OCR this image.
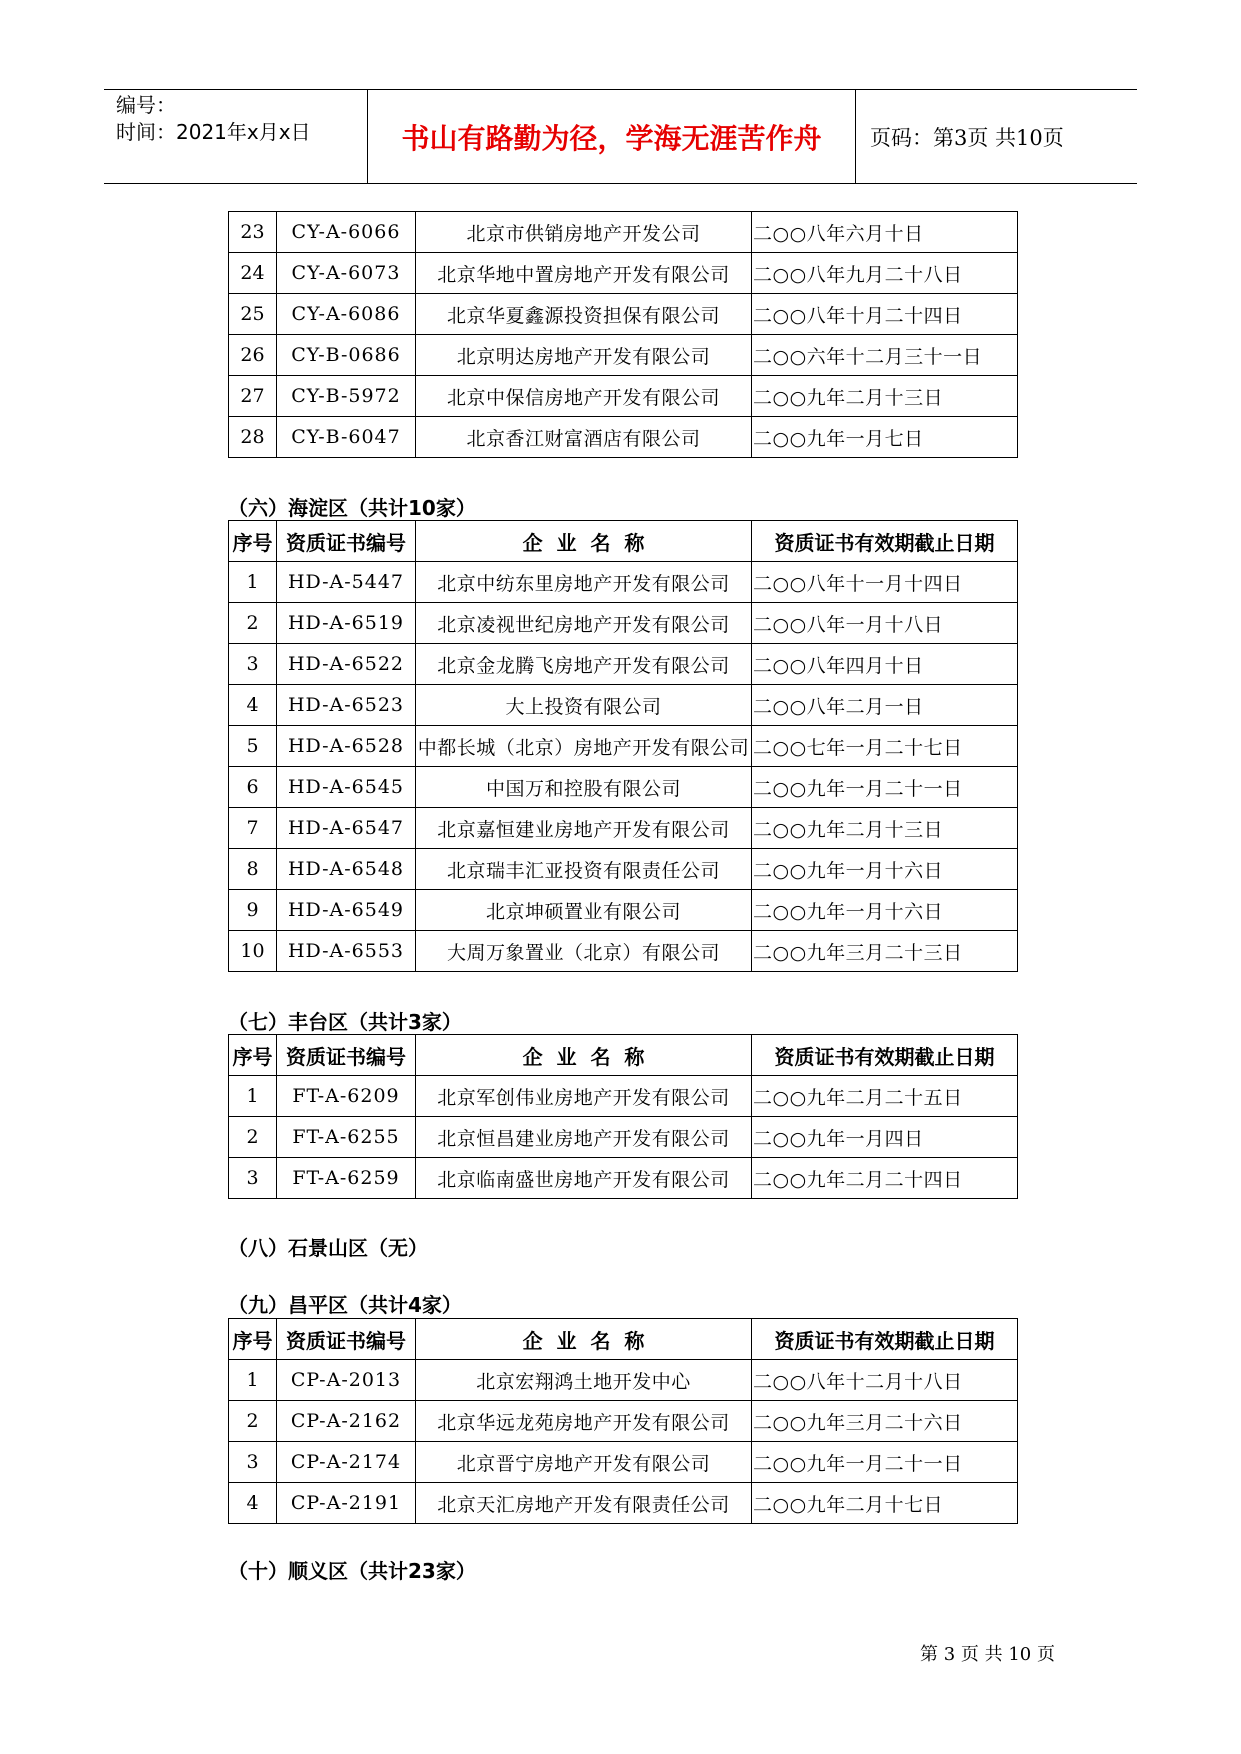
编号：
时间：2021年x月x日	书山有路勤为径，学海无涯苦作舟	页码：第3页 共10页
23	CY-A-6066	北京市供销房地产开发公司	二○○八年六月十日
24	CY-A-6073	北京华地中置房地产开发有限公司	二○○八年九月二十八日
25	CY-A-6086	北京华夏鑫源投资担保有限公司	二○○八年十月二十四日
26	CY-B-0686	北京明达房地产开发有限公司	二○○六年十二月三十一日
27	CY-B-5972	北京中保信房地产开发有限公司	二○○九年二月十三日
28	CY-B-6047	北京香江财富酒店有限公司	二○○九年一月七日
（六）海淀区（共计10家）
序号	资质证书编号	企  业  名  称	资质证书有效期截止日期
1	HD-A-5447	北京中纺东里房地产开发有限公司	二○○八年十一月十四日
2	HD-A-6519	北京凌视世纪房地产开发有限公司	二○○八年一月十八日
3	HD-A-6522	北京金龙腾飞房地产开发有限公司	二○○八年四月十日
4	HD-A-6523	大上投资有限公司	二○○八年二月一日
5	HD-A-6528	中都长城（北京）房地产开发有限公司	二○○七年一月二十七日
6	HD-A-6545	中国万和控股有限公司	二○○九年一月二十一日
7	HD-A-6547	北京嘉恒建业房地产开发有限公司	二○○九年二月十三日
8	HD-A-6548	北京瑞丰汇亚投资有限责任公司	二○○九年一月十六日
9	HD-A-6549	北京坤硕置业有限公司	二○○九年一月十六日
10	HD-A-6553	大周万象置业（北京）有限公司	二○○九年三月二十三日
（七）丰台区（共计3家）
序号	资质证书编号	企  业  名  称	资质证书有效期截止日期
1	FT-A-6209	北京军创伟业房地产开发有限公司	二○○九年二月二十五日
2	FT-A-6255	北京恒昌建业房地产开发有限公司	二○○九年一月四日
3	FT-A-6259	北京临南盛世房地产开发有限公司	二○○九年二月二十四日
（八）石景山区（无）
（九）昌平区（共计4家）
序号	资质证书编号	企  业  名  称	资质证书有效期截止日期
1	CP-A-2013	北京宏翔鸿土地开发中心	二○○八年十二月十八日
2	CP-A-2162	北京华远龙苑房地产开发有限公司	二○○九年三月二十六日
3	CP-A-2174	北京晋宁房地产开发有限公司	二○○九年一月二十一日
4	CP-A-2191	北京天汇房地产开发有限责任公司	二○○九年二月十七日
（十）顺义区（共计23家）
第 3 页 共 10 页
